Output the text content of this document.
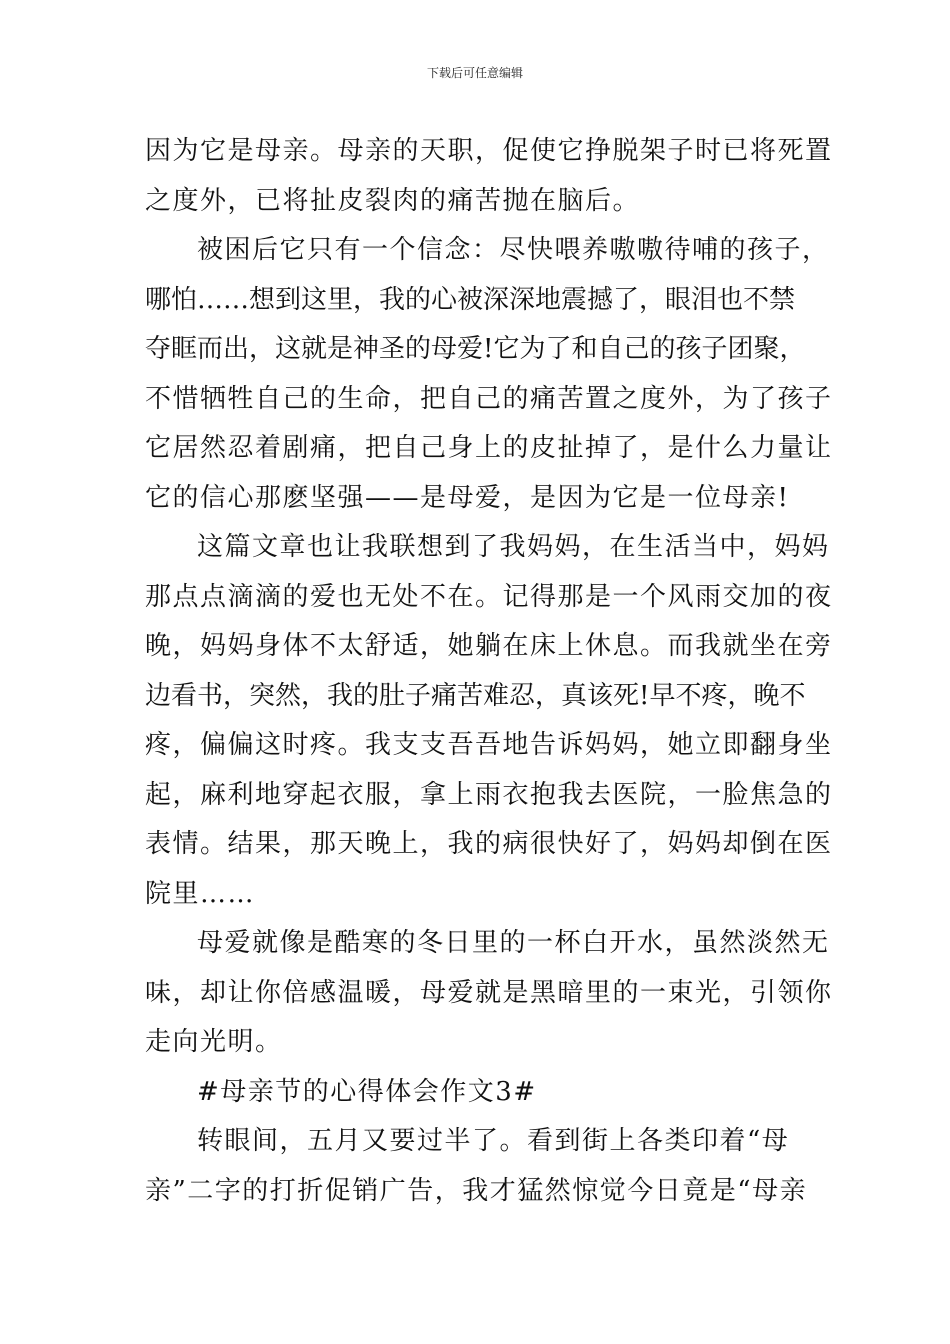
下载后可任意编辑
因为它是母亲。母亲的天职，促使它挣脱架子时已将死置
之度外，已将扯皮裂肉的痛苦抛在脑后。
被困后它只有一个信念：尽快喂养嗷嗷待哺的孩子，
哪怕……想到这里，我的心被深深地震撼了，眼泪也不禁
夺眶而出，这就是神圣的母爱!它为了和自己的孩子团聚，
不惜牺牲自己的生命，把自己的痛苦置之度外，为了孩子
它居然忍着剧痛，把自己身上的皮扯掉了，是什么力量让
它的信心那麽坚强——是母爱，是因为它是一位母亲!
这篇文章也让我联想到了我妈妈，在生活当中，妈妈
那点点滴滴的爱也无处不在。记得那是一个风雨交加的夜
晚，妈妈身体不太舒适，她躺在床上休息。而我就坐在旁
边看书，突然，我的肚子痛苦难忍，真该死!早不疼，晚不
疼，偏偏这时疼。我支支吾吾地告诉妈妈，她立即翻身坐
起，麻利地穿起衣服，拿上雨衣抱我去医院，一脸焦急的
表情。结果，那天晚上，我的病很快好了，妈妈却倒在医
院里……
母爱就像是酷寒的冬日里的一杯白开水，虽然淡然无
味，却让你倍感温暖，母爱就是黑暗里的一束光，引领你
走向光明。
#母亲节的心得体会作文3#
转眼间，五月又要过半了。看到街上各类印着“母
亲”二字的打折促销广告，我才猛然惊觉今日竟是“母亲
